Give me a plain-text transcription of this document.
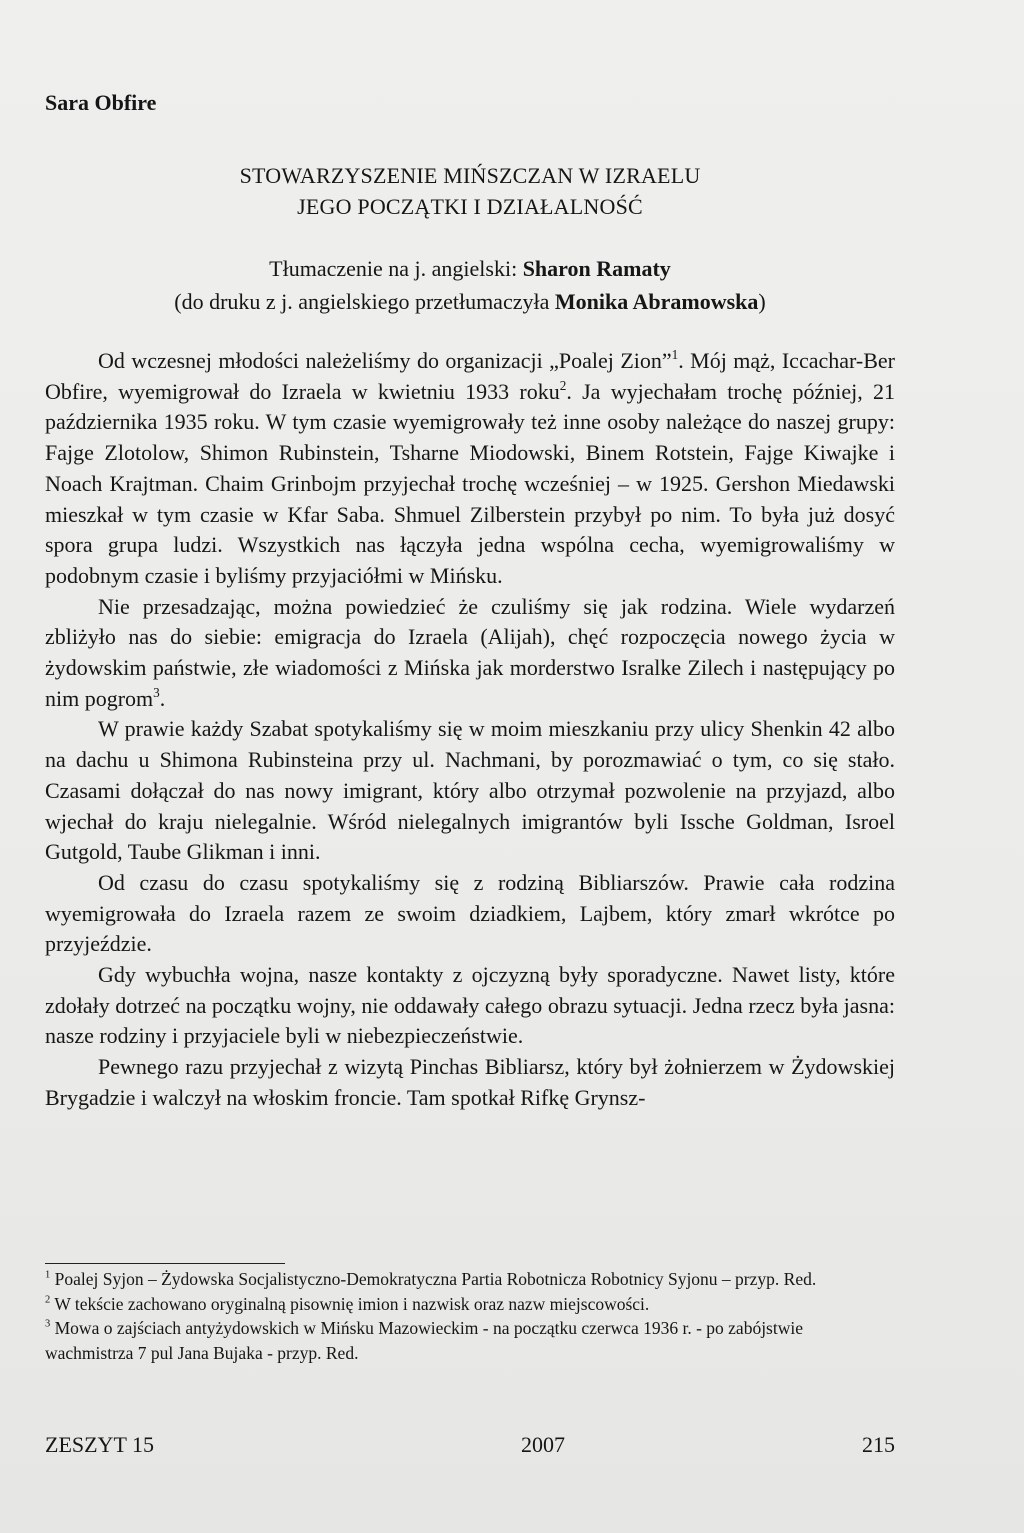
Sara Obfire

STOWARZYSZENIE MIŃSZCZAN W IZRAELU
JEGO POCZĄTKI I DZIAŁALNOŚĆ
Tłumaczenie na j. angielski: Sharon Ramaty
(do druku z j. angielskiego przetłumaczyła Monika Abramowska)

Od wczesnej młodości należeliśmy do organizacji „Poalej Zion”$^1$. Mój mąż, Iccachar-Ber Obfire, wyemigrował do Izraela w kwietniu 1933 roku$^2$. Ja wyjechałam trochę później, 21 października 1935 roku. W tym czasie wyemigrowały też inne osoby należące do naszej grupy: Fajge Zlotolow, Shimon Rubinstein, Tsharne Miodowski, Binem Rotstein, Fajge Kiwajke i Noach Krajtman. Chaim Grinbojm przyjechał trochę wcześniej – w 1925. Gershon Miedawski mieszkał w tym czasie w Kfar Saba. Shmuel Zilberstein przybył po nim. To była już dosyć spora grupa ludzi. Wszystkich nas łączyła jedna wspólna cecha, wyemigrowaliśmy w podobnym czasie i byliśmy przyjaciółmi w Mińsku.

Nie przesadzając, można powiedzieć że czuliśmy się jak rodzina. Wiele wydarzeń zbliżyło nas do siebie: emigracja do Izraela (Alijah), chęć rozpoczęcia nowego życia w żydowskim państwie, złe wiadomości z Mińska jak morderstwo Isralke Zilech i następujący po nim pogrom$^3$.

W prawie każdy Szabat spotykaliśmy się w moim mieszkaniu przy ulicy Shenkin 42 albo na dachu u Shimona Rubinsteina przy ul. Nachmani, by porozmawiać o tym, co się stało. Czasami dołączał do nas nowy imigrant, który albo otrzymał pozwolenie na przyjazd, albo wjechał do kraju nielegalnie. Wśród nielegalnych imigrantów byli Issche Goldman, Isroel Gutgold, Taube Glikman i inni.

Od czasu do czasu spotykaliśmy się z rodziną Bibliarszów. Prawie cała rodzina wyemigrowała do Izraela razem ze swoim dziadkiem, Lajbem, który zmarł wkrótce po przyjeździe.

Gdy wybuchła wojna, nasze kontakty z ojczyzną były sporadyczne. Nawet listy, które zdołały dotrzeć na początku wojny, nie oddawały całego obrazu sytuacji. Jedna rzecz była jasna: nasze rodziny i przyjaciele byli w niebezpieczeństwie.

Pewnego razu przyjechał z wizytą Pinchas Bibliarsz, który był żołnierzem w Żydowskiej Brygadzie i walczył na włoskim froncie. Tam spotkał Rifkę Grynsz-

$^1$ Poalej Syjon – Żydowska Socjalistyczno-Demokratyczna Partia Robotnicza Robotnicy Syjonu – przyp. Red.

$^2$ W tekście zachowano oryginalną pisownię imion i nazwisk oraz nazw miejscowości.

$^3$ Mowa o zajściach antyżydowskich w Mińsku Mazowieckim - na początku czerwca 1936 r. - po zabójstwie wachmistrza 7 pul Jana Bujaka - przyp. Red.

ZESZYT 15	2007	215
